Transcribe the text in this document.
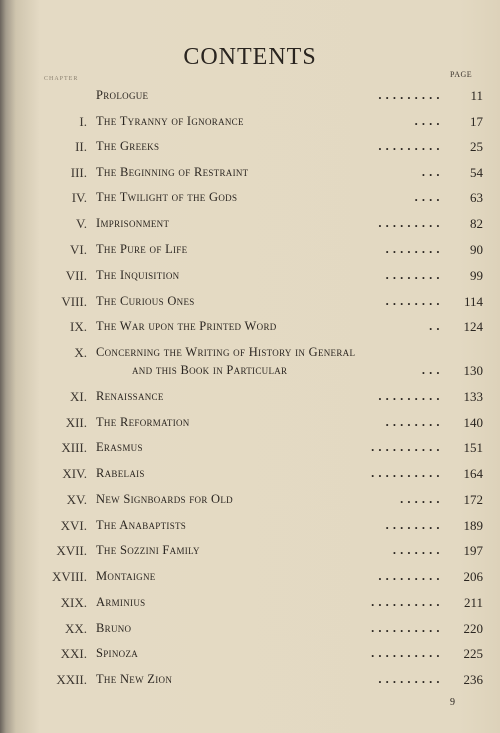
CONTENTS
CHAPTER	PAGE
Prologue	. . . . . . . . . 11
I. The Tyranny of Ignorance	. . . . 17
II. The Greeks	. . . . . . . . . 25
III. The Beginning of Restraint	. . . 54
IV. The Twilight of the Gods	. . . . 63
V. Imprisonment	. . . . . . . . . 82
VI. The Pure of Life	. . . . . . . . 90
VII. The Inquisition	. . . . . . . . 99
VIII. The Curious Ones	. . . . . . . . 114
IX. The War upon the Printed Word	. . 124
X. Concerning the Writing of History in General
and this Book in Particular	. . . 130
XI. Renaissance	. . . . . . . . . 133
XII. The Reformation	. . . . . . . . 140
XIII. Erasmus	. . . . . . . . . . 151
XIV. Rabelais	. . . . . . . . . . 164
XV. New Signboards for Old	. . . . . . 172
XVI. The Anabaptists	. . . . . . . . 189
XVII. The Sozzini Family	. . . . . . . 197
XVIII. Montaigne	. . . . . . . . . 206
XIX. Arminius	. . . . . . . . . . 211
XX. Bruno	. . . . . . . . . . 220
XXI. Spinoza	. . . . . . . . . . 225
XXII. The New Zion	. . . . . . . . . 236
9
